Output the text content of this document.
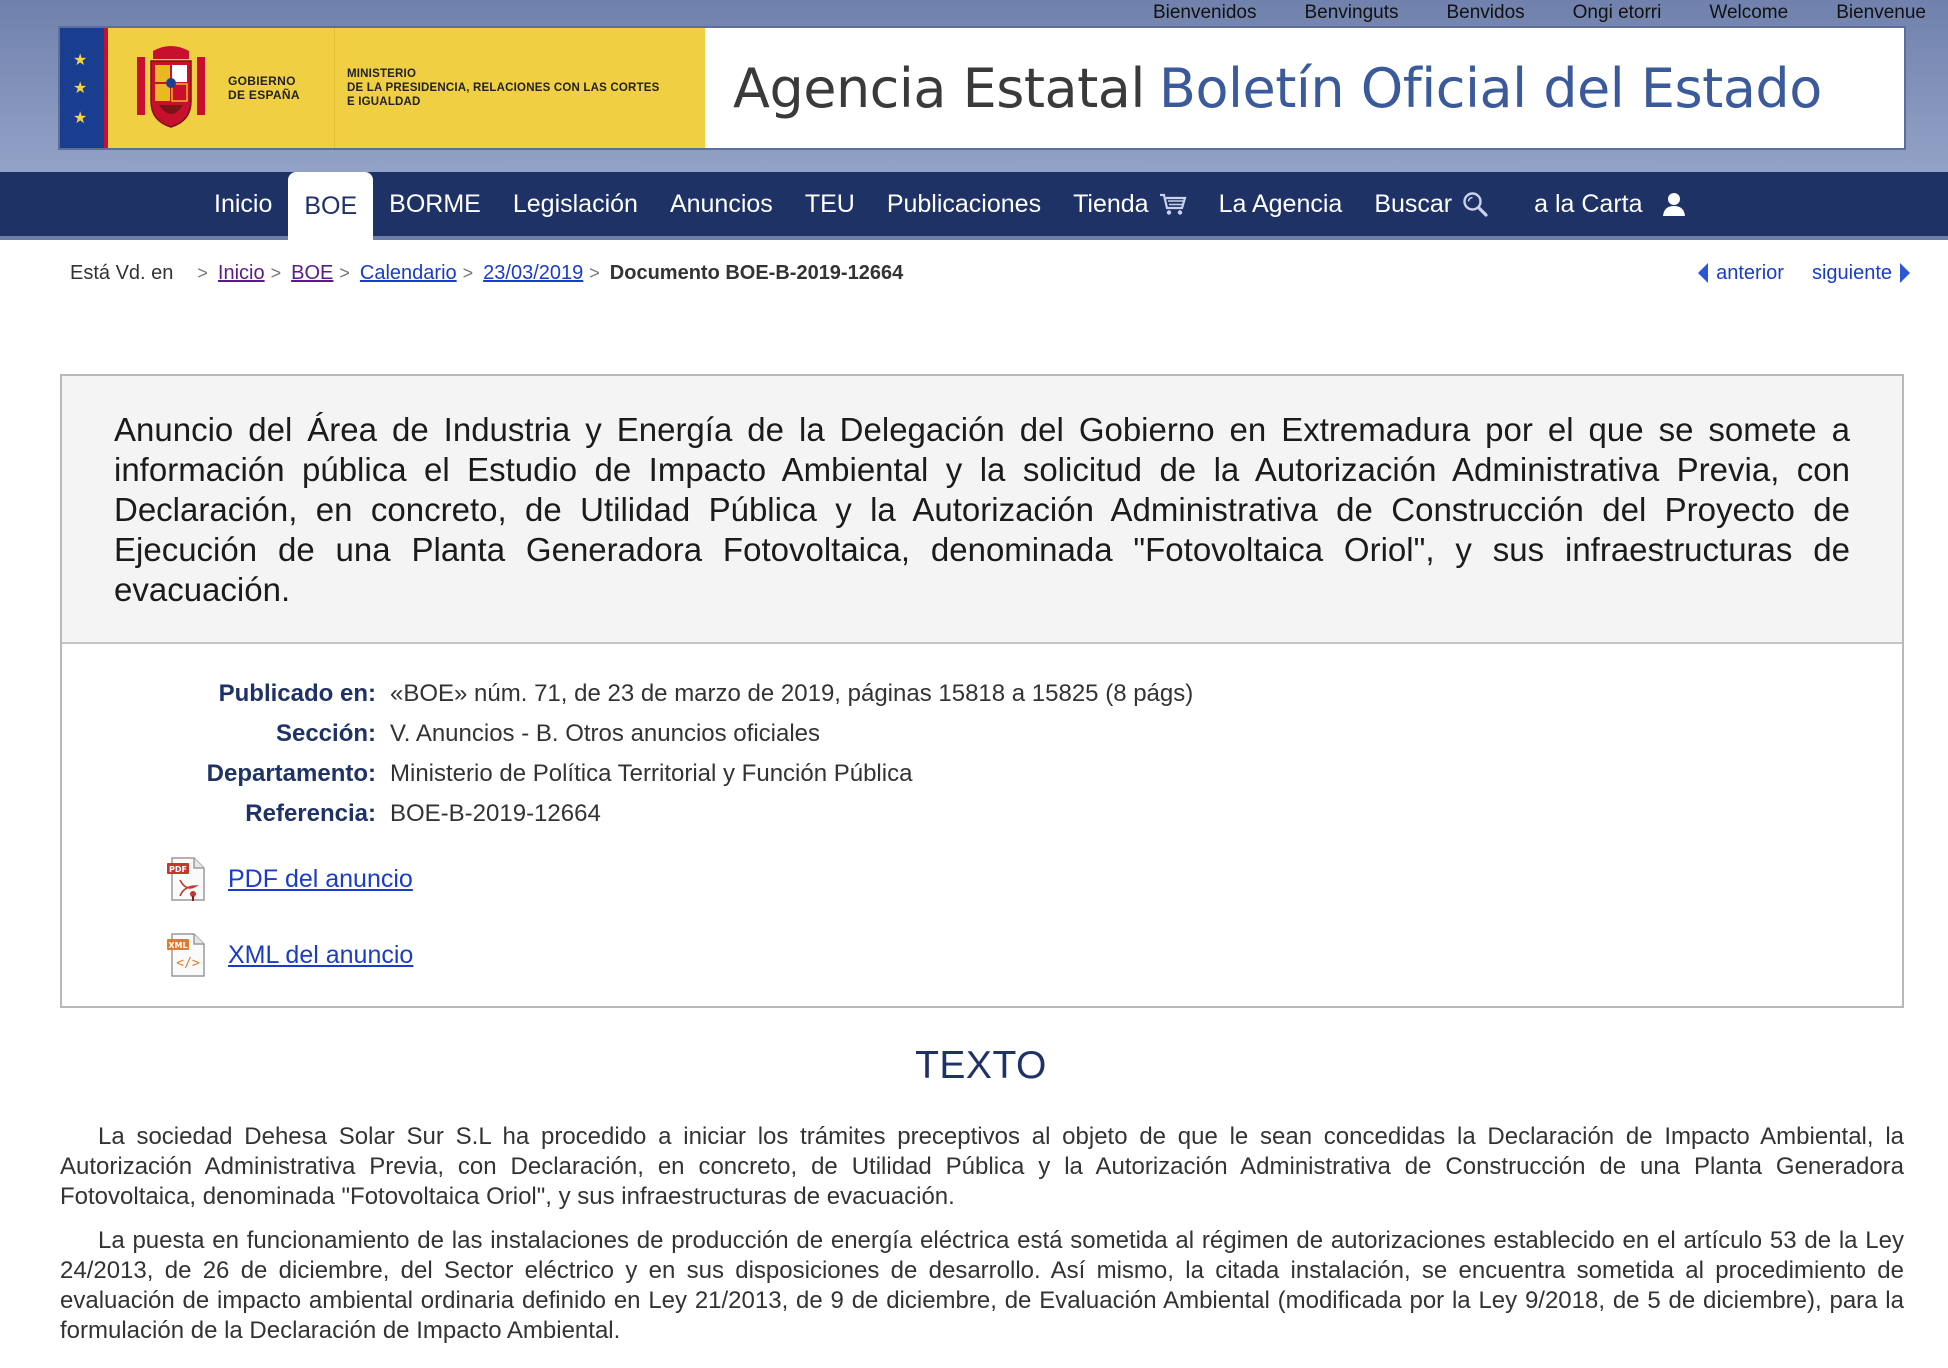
Bienvenidos	Benvinguts	Benvidos	Ongi etorri	Welcome	Bienvenue
★
★
★
GOBIERNO
DE ESPAÑA
MINISTERIO
DE LA PRESIDENCIA, RELACIONES CON LAS CORTES
E IGUALDAD	Agencia Estatal Boletín Oficial del Estado
Inicio	BOE	BORME	Legislación	Anuncios	TEU	Publicaciones	Tienda	La Agencia	Buscar	a la Carta
Está Vd. en > Inicio > BOE > Calendario > 23/03/2019 > Documento BOE-B-2019-12664	anterior siguiente
Anuncio del Área de Industria y Energía de la Delegación del Gobierno en Extremadura por el que se somete a información pública el Estudio de Impacto Ambiental y la solicitud de la Autorización Administrativa Previa, con Declaración, en concreto, de Utilidad Pública y la Autorización Administrativa de Construcción del Proyecto de Ejecución de una Planta Generadora Fotovoltaica, denominada "Fotovoltaica Oriol", y sus infraestructuras de evacuación.
Publicado en: «BOE» núm. 71, de 23 de marzo de 2019, páginas 15818 a 15825 (8 págs)
Sección: V. Anuncios - B. Otros anuncios oficiales
Departamento: Ministerio de Política Territorial y Función Pública
Referencia: BOE-B-2019-12664
PDF PDF del anuncio
XML
</> XML del anuncio
TEXTO

La sociedad Dehesa Solar Sur S.L ha procedido a iniciar los trámites preceptivos al objeto de que le sean concedidas la Declaración de Impacto Ambiental, la Autorización Administrativa Previa, con Declaración, en concreto, de Utilidad Pública y la Autorización Administrativa de Construcción de una Planta Generadora Fotovoltaica, denominada "Fotovoltaica Oriol", y sus infraestructuras de evacuación.

La puesta en funcionamiento de las instalaciones de producción de energía eléctrica está sometida al régimen de autorizaciones establecido en el artículo 53 de la Ley 24/2013, de 26 de diciembre, del Sector eléctrico y en sus disposiciones de desarrollo. Así mismo, la citada instalación, se encuentra sometida al procedimiento de evaluación de impacto ambiental ordinaria definido en Ley 21/2013, de 9 de diciembre, de Evaluación Ambiental (modificada por la Ley 9/2018, de 5 de diciembre), para la formulación de la Declaración de Impacto Ambiental.
